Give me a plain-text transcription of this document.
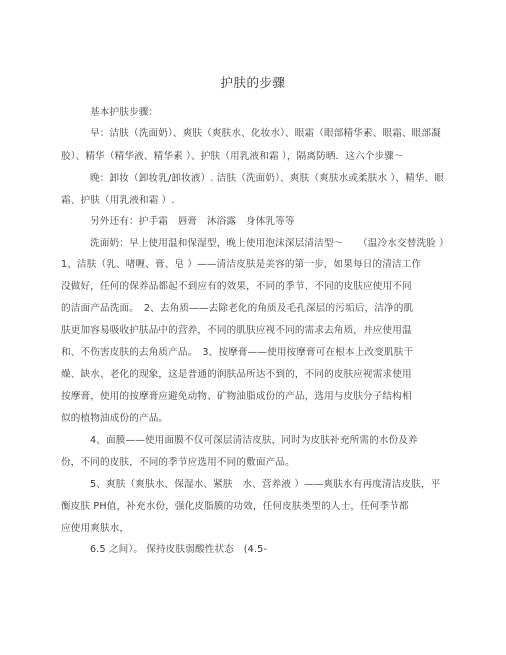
护肤的步骤
基本护肤步骤：
早：洁肤（洗面奶）、爽肤（爽肤水、化妆水）、眼霜（眼部精华素、眼霜、眼部凝
胶）、精华（精华液、精华素 ）、护肤（用乳液和霜 ），隔离防晒．这六个步骤～
晚：卸妆（卸妆乳/卸妆液）. 洁肤（洗面奶）、爽肤（爽肤水或柔肤水 ）、精华、眼
霜、护肤（用乳液和霜 ）.
另外还有：护手霜　唇膏　沐浴露　身体乳等等
洗面奶：早上使用温和保湿型，晚上使用泡沫深层清洁型～　　（温冷水交替洗脸 ）
1、洁肤（乳、啫喱、膏、皂 ）——清洁皮肤是美容的第一步，如果每日的清洁工作
没做好，任何的保养品都起不到应有的效果，不同的季节、不同的皮肤应使用不同
的洁面产品洗面。　2、去角质——去除老化的角质及毛孔深层的污垢后，洁净的肌
肤更加容易吸收护肤品中的营养，不同的肌肤应视不同的需求去角质，并应使用温
和、不伤害皮肤的去角质产品。　3、按摩膏——使用按摩膏可在根本上改变肌肤干
燥、缺水、老化的现象，这是普通的润肤品所达不到的，不同的皮肤应视需求使用
按摩膏，使用的按摩膏应避免动物、矿物油脂成份的产品，选用与皮肤分子结构相
似的植物油成份的产品。
4、面膜——使用面膜不仅可深层清洁皮肤，同时为皮肤补充所需的水份及养
份，不同的皮肤，不同的季节应选用不同的敷面产品。
5、爽肤（爽肤水、保湿水、紧肤　水、营养液 ）——爽肤水有再度清洁皮肤，平
衡皮肤 PH值，补充水份，强化皮脂膜的功效，任何皮肤类型的人士，任何季节都
应使用爽肤水，
6.5 之间）。 保持皮肤弱酸性状态　(4.5-
